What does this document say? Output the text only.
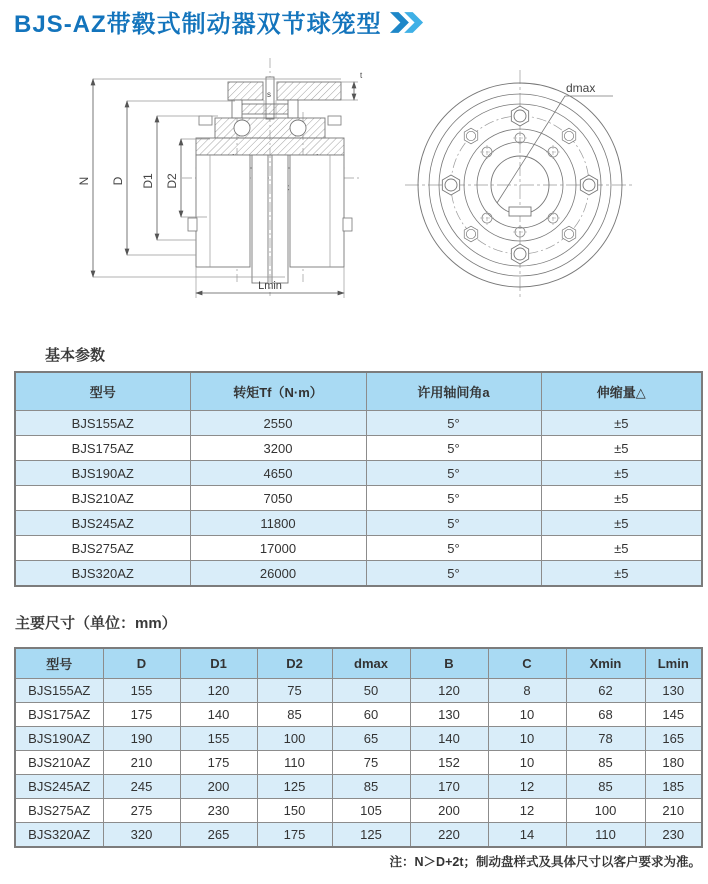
BJS-AZ带毂式制动器双节球笼型
t
s
Lmin
N D D1 D2
dmax
基本参数
型号	转矩Tf（N·m）	许用轴间角a	伸缩量△
BJS155AZ	2550	5°	±5
BJS175AZ	3200	5°	±5
BJS190AZ	4650	5°	±5
BJS210AZ	7050	5°	±5
BJS245AZ	11800	5°	±5
BJS275AZ	17000	5°	±5
BJS320AZ	26000	5°	±5
主要尺寸（单位：mm）
型号	D	D1	D2	dmax	B	C	Xmin	Lmin
BJS155AZ	155	120	75	50	120	8	62	130
BJS175AZ	175	140	85	60	130	10	68	145
BJS190AZ	190	155	100	65	140	10	78	165
BJS210AZ	210	175	110	75	152	10	85	180
BJS245AZ	245	200	125	85	170	12	85	185
BJS275AZ	275	230	150	105	200	12	100	210
BJS320AZ	320	265	175	125	220	14	110	230
注：N＞D+2t；制动盘样式及具体尺寸以客户要求为准。
